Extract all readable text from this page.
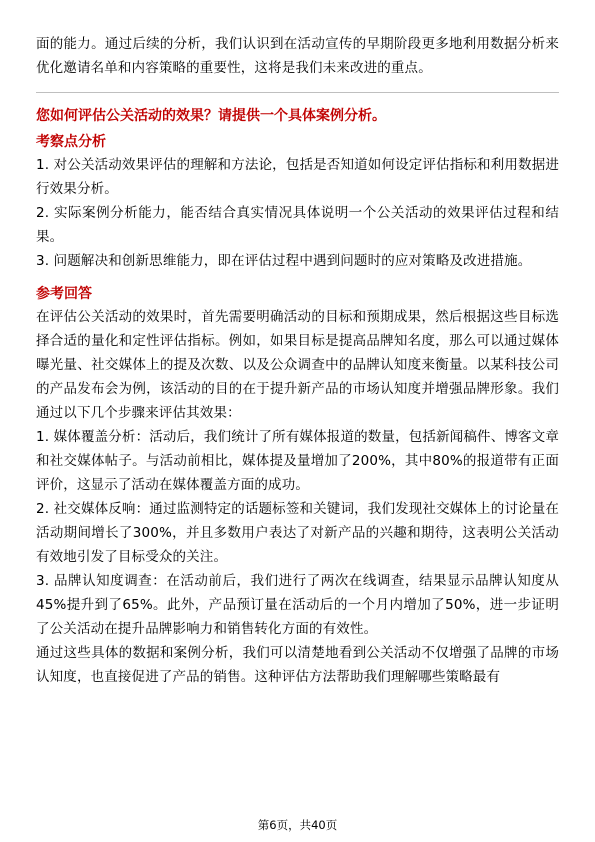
面的能力。通过后续的分析，我们认识到在活动宣传的早期阶段更多地利用数据分析来优化邀请名单和内容策略的重要性，这将是我们未来改进的重点。

您如何评估公关活动的效果？请提供一个具体案例分析。

考察点分析

1. 对公关活动效果评估的理解和方法论，包括是否知道如何设定评估指标和利用数据进行效果分析。

2. 实际案例分析能力，能否结合真实情况具体说明一个公关活动的效果评估过程和结果。

3. 问题解决和创新思维能力，即在评估过程中遇到问题时的应对策略及改进措施。

参考回答

在评估公关活动的效果时，首先需要明确活动的目标和预期成果，然后根据这些目标选择合适的量化和定性评估指标。例如，如果目标是提高品牌知名度，那么可以通过媒体曝光量、社交媒体上的提及次数、以及公众调查中的品牌认知度来衡量。以某科技公司的产品发布会为例，该活动的目的在于提升新产品的市场认知度并增强品牌形象。我们通过以下几个步骤来评估其效果：

1. 媒体覆盖分析：活动后，我们统计了所有媒体报道的数量，包括新闻稿件、博客文章和社交媒体帖子。与活动前相比，媒体提及量增加了200%，其中80%的报道带有正面评价，这显示了活动在媒体覆盖方面的成功。

2. 社交媒体反响：通过监测特定的话题标签和关键词，我们发现社交媒体上的讨论量在活动期间增长了300%，并且多数用户表达了对新产品的兴趣和期待，这表明公关活动有效地引发了目标受众的关注。

3. 品牌认知度调查：在活动前后，我们进行了两次在线调查，结果显示品牌认知度从45%提升到了65%。此外，产品预订量在活动后的一个月内增加了50%，进一步证明了公关活动在提升品牌影响力和销售转化方面的有效性。

通过这些具体的数据和案例分析，我们可以清楚地看到公关活动不仅增强了品牌的市场认知度，也直接促进了产品的销售。这种评估方法帮助我们理解哪些策略最有

第6页，共40页
